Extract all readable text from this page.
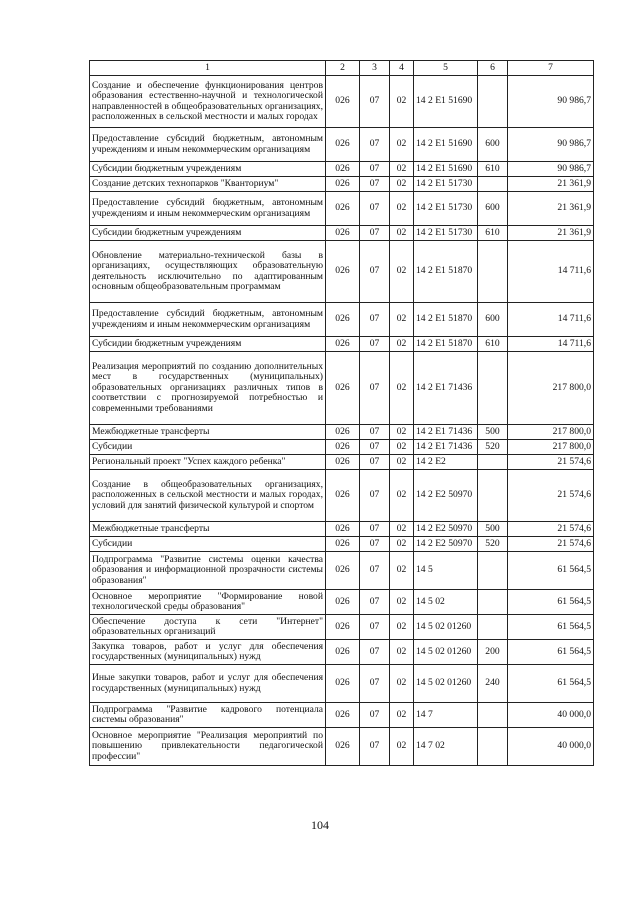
1	2	3	4	5	6	7
Создание и обеспечение функционирования центров образования естественно-научной и технологической направленностей в общеобразовательных организациях, расположенных в сельской местности и малых городах	026	07	02	14 2 E1 51690		90 986,7
Предоставление субсидий бюджетным, автономным учреждениям и иным некоммерческим организациям	026	07	02	14 2 E1 51690	600	90 986,7
Субсидии бюджетным учреждениям	026	07	02	14 2 E1 51690	610	90 986,7
Создание детских технопарков "Кванториум"	026	07	02	14 2 E1 51730		21 361,9
Предоставление субсидий бюджетным, автономным учреждениям и иным некоммерческим организациям	026	07	02	14 2 E1 51730	600	21 361,9
Субсидии бюджетным учреждениям	026	07	02	14 2 E1 51730	610	21 361,9
Обновление материально-технической базы в организациях, осуществляющих образовательную деятельность исключительно по адаптированным основным общеобразовательным программам	026	07	02	14 2 E1 51870		14 711,6
Предоставление субсидий бюджетным, автономным учреждениям и иным некоммерческим организациям	026	07	02	14 2 E1 51870	600	14 711,6
Субсидии бюджетным учреждениям	026	07	02	14 2 E1 51870	610	14 711,6
Реализация мероприятий по созданию дополнительных мест в государственных (муниципальных) образовательных организациях различных типов в соответствии с прогнозируемой потребностью и современными требованиями	026	07	02	14 2 E1 71436		217 800,0
Межбюджетные трансферты	026	07	02	14 2 E1 71436	500	217 800,0
Субсидии	026	07	02	14 2 E1 71436	520	217 800,0
Региональный проект "Успех каждого ребенка"	026	07	02	14 2 E2		21 574,6
Создание в общеобразовательных организациях, расположенных в сельской местности и малых городах, условий для занятий физической культурой и спортом	026	07	02	14 2 E2 50970		21 574,6
Межбюджетные трансферты	026	07	02	14 2 E2 50970	500	21 574,6
Субсидии	026	07	02	14 2 E2 50970	520	21 574,6
Подпрограмма "Развитие системы оценки качества образования и информационной прозрачности системы образования"	026	07	02	14 5		61 564,5
Основное мероприятие "Формирование новой технологической среды образования"	026	07	02	14 5 02		61 564,5
Обеспечение доступа к сети "Интернет" образовательных организаций	026	07	02	14 5 02 01260		61 564,5
Закупка товаров, работ и услуг для обеспечения государственных (муниципальных) нужд	026	07	02	14 5 02 01260	200	61 564,5
Иные закупки товаров, работ и услуг для обеспечения государственных (муниципальных) нужд	026	07	02	14 5 02 01260	240	61 564,5
Подпрограмма "Развитие кадрового потенциала системы образования"	026	07	02	14 7		40 000,0
Основное мероприятие "Реализация мероприятий по повышению привлекательности педагогической профессии"	026	07	02	14 7 02		40 000,0
104
